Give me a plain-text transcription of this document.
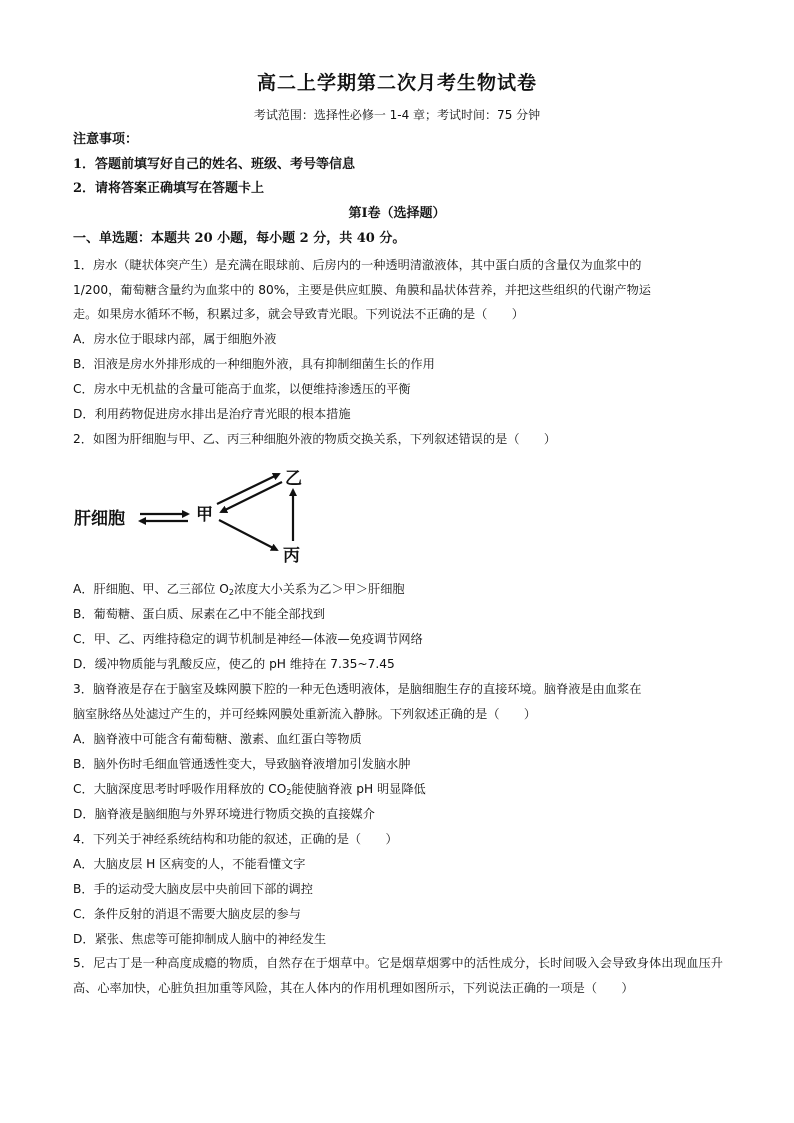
高二上学期第二次月考生物试卷
考试范围：选择性必修一 1-4 章；考试时间：75 分钟
注意事项：
1．答题前填写好自己的姓名、班级、考号等信息
2．请将答案正确填写在答题卡上
第Ⅰ卷（选择题）
一、单选题：本题共 20 小题，每小题 2 分，共 40 分。
1．房水（睫状体突产生）是充满在眼球前、后房内的一种透明清澈液体，其中蛋白质的含量仅为血浆中的
1/200，葡萄糖含量约为血浆中的 80%，主要是供应虹膜、角膜和晶状体营养，并把这些组织的代谢产物运
走。如果房水循环不畅，积累过多，就会导致青光眼。下列说法不正确的是（　　）
A．房水位于眼球内部，属于细胞外液
B．泪液是房水外排形成的一种细胞外液，具有抑制细菌生长的作用
C．房水中无机盐的含量可能高于血浆，以便维持渗透压的平衡
D．利用药物促进房水排出是治疗青光眼的根本措施
2．如图为肝细胞与甲、乙、丙三种细胞外液的物质交换关系，下列叙述错误的是（　　）
肝细胞	甲
乙
丙
A．肝细胞、甲、乙三部位 $O_2$浓度大小关系为乙＞甲＞肝细胞
B．葡萄糖、蛋白质、尿素在乙中不能全部找到
C．甲、乙、丙维持稳定的调节机制是神经—体液—免疫调节网络
D．缓冲物质能与乳酸反应，使乙的 pH 维持在 7.35~7.45
3．脑脊液是存在于脑室及蛛网膜下腔的一种无色透明液体，是脑细胞生存的直接环境。脑脊液是由血浆在
脑室脉络丛处滤过产生的，并可经蛛网膜处重新流入静脉。下列叙述正确的是（　　）
A．脑脊液中可能含有葡萄糖、激素、血红蛋白等物质
B．脑外伤时毛细血管通透性变大，导致脑脊液增加引发脑水肿
C．大脑深度思考时呼吸作用释放的 $CO_2$能使脑脊液 pH 明显降低
D．脑脊液是脑细胞与外界环境进行物质交换的直接媒介
4．下列关于神经系统结构和功能的叙述，正确的是（　　）
A．大脑皮层 H 区病变的人，不能看懂文字
B．手的运动受大脑皮层中央前回下部的调控
C．条件反射的消退不需要大脑皮层的参与
D．紧张、焦虑等可能抑制成人脑中的神经发生
5．尼古丁是一种高度成瘾的物质，自然存在于烟草中。它是烟草烟雾中的活性成分，长时间吸入会导致身体出现血压升高、心率加快，心脏负担加重等风险，其在人体内的作用机理如图所示，下列说法正确的一项是（　　）
